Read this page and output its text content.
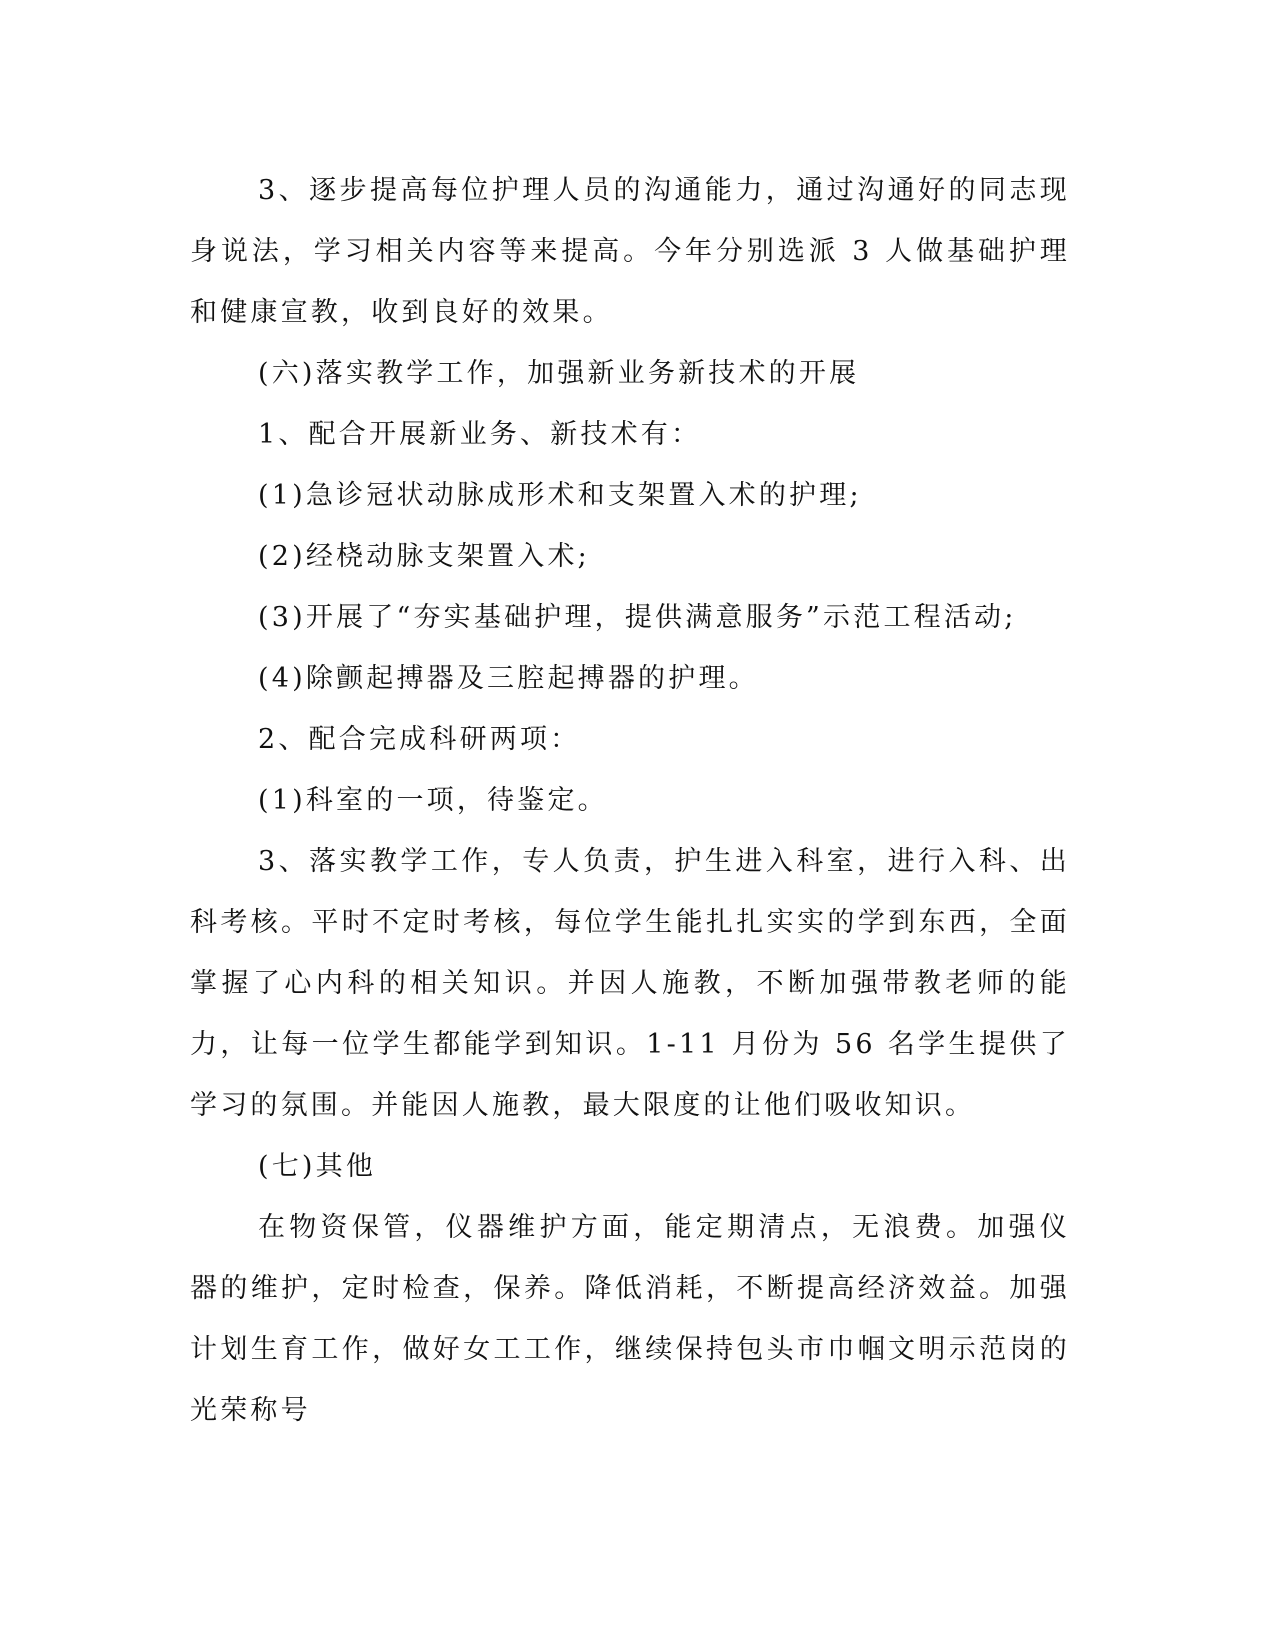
3、逐步提高每位护理人员的沟通能力，通过沟通好的同志现身说法，学习相关内容等来提高。今年分别选派 3 人做基础护理和健康宣教，收到良好的效果。

(六)落实教学工作，加强新业务新技术的开展

1、配合开展新业务、新技术有：

(1)急诊冠状动脉成形术和支架置入术的护理;

(2)经桡动脉支架置入术;

(3)开展了“夯实基础护理，提供满意服务”示范工程活动;

(4)除颤起搏器及三腔起搏器的护理。

2、配合完成科研两项：

(1)科室的一项，待鉴定。

3、落实教学工作，专人负责，护生进入科室，进行入科、出科考核。平时不定时考核，每位学生能扎扎实实的学到东西，全面掌握了心内科的相关知识。并因人施教，不断加强带教老师的能力，让每一位学生都能学到知识。1-11 月份为 56 名学生提供了学习的氛围。并能因人施教，最大限度的让他们吸收知识。

(七)其他

在物资保管，仪器维护方面，能定期清点，无浪费。加强仪器的维护，定时检查，保养。降低消耗，不断提高经济效益。加强计划生育工作，做好女工工作，继续保持包头市巾帼文明示范岗的光荣称号
